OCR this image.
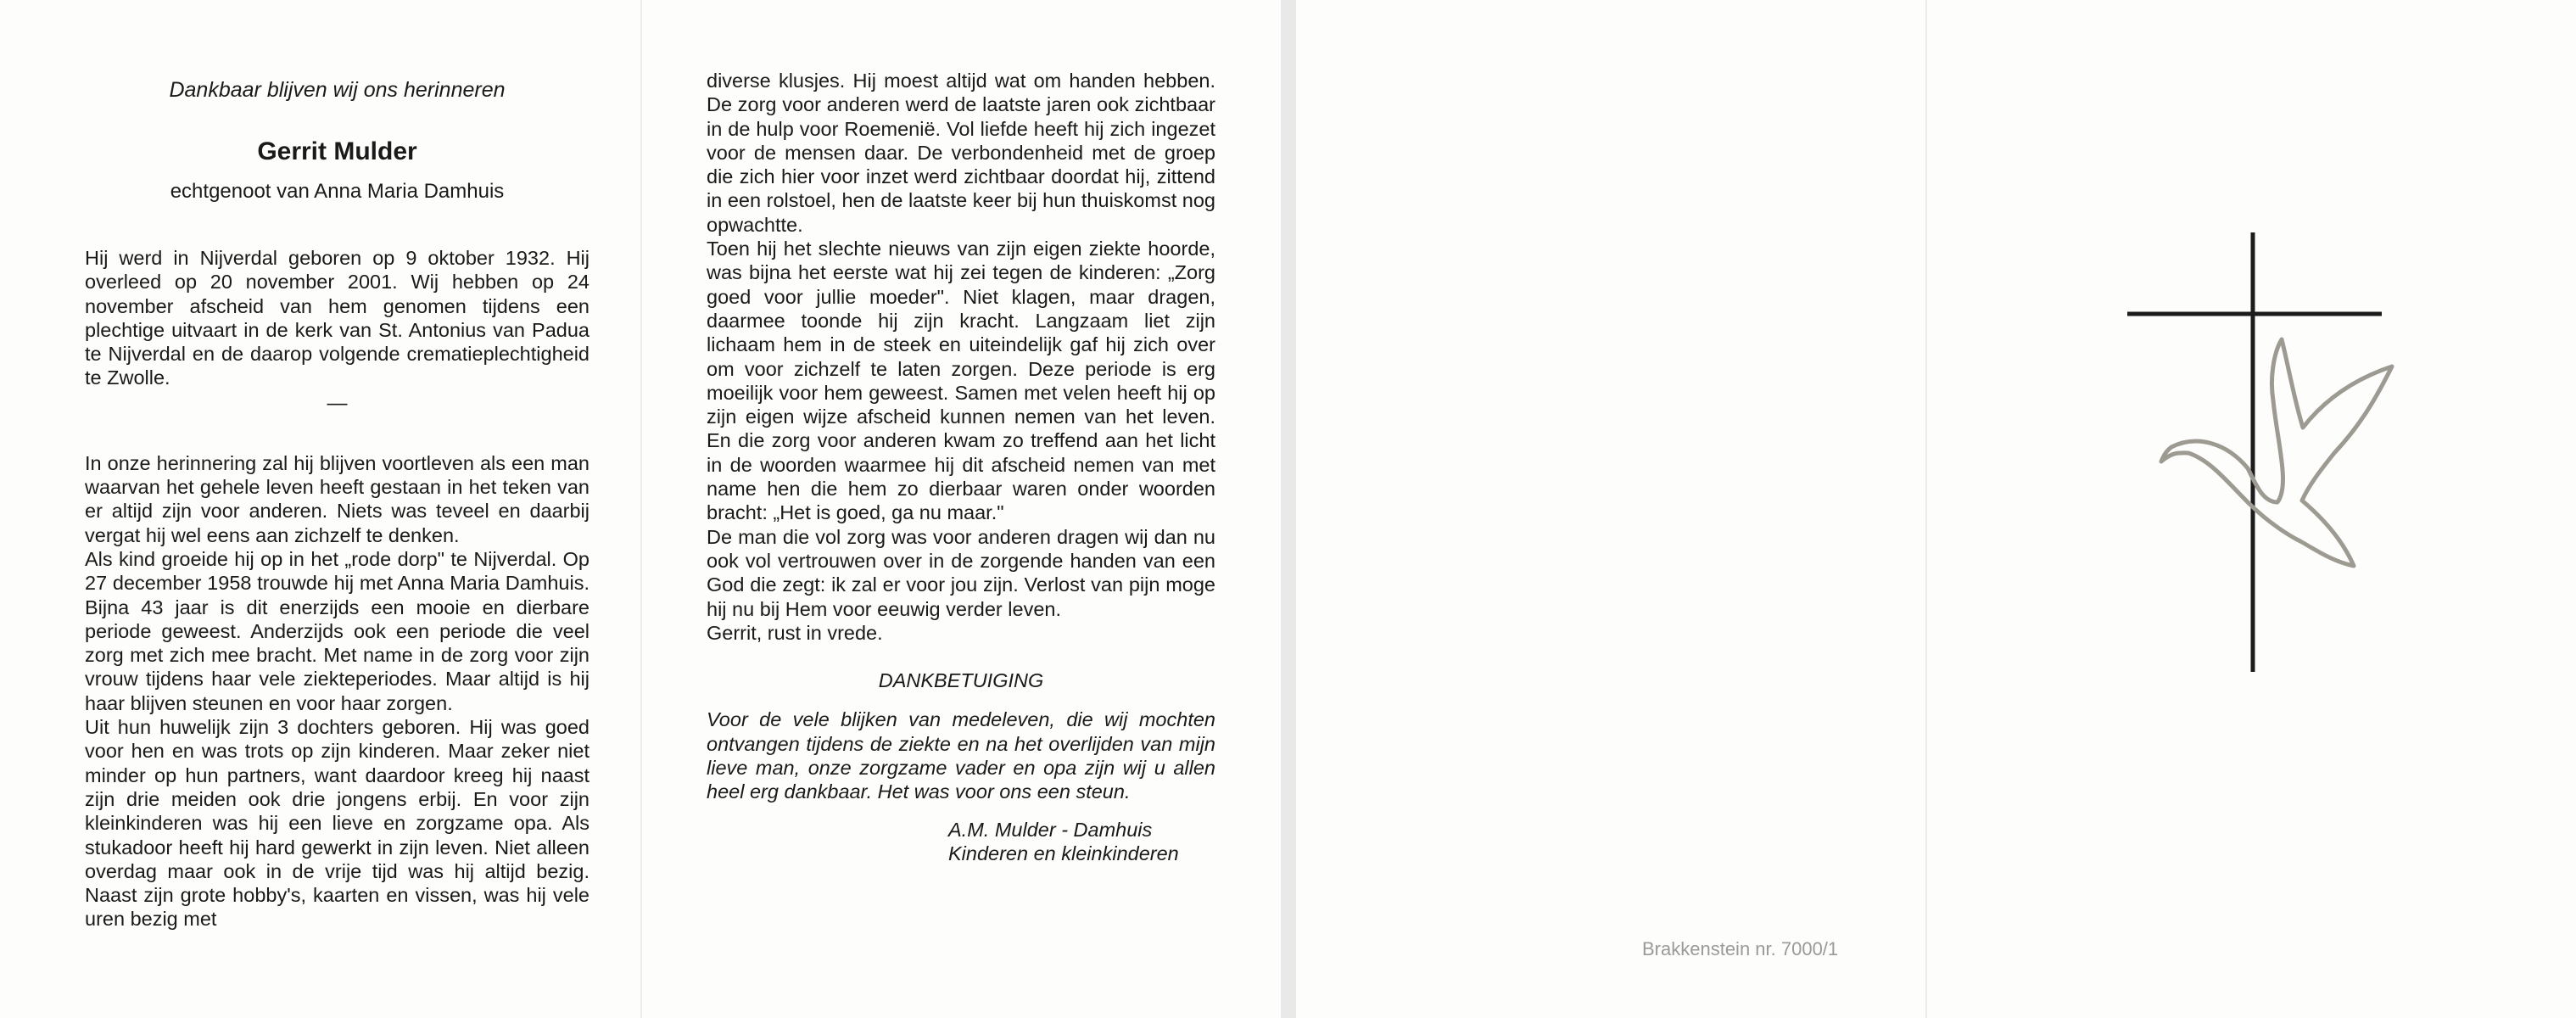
Dankbaar blijven wij ons herinneren
Gerrit Mulder
echtgenoot van Anna Maria Damhuis

Hij werd in Nijverdal geboren op 9 oktober 1932. Hij overleed op 20 november 2001. Wij hebben op 24 november afscheid van hem genomen tijdens een plechtige uitvaart in de kerk van St. Antonius van Padua te Nijverdal en de daarop volgende crematieplechtigheid te Zwolle.

In onze herinnering zal hij blijven voortleven als een man waarvan het gehele leven heeft gestaan in het teken van er altijd zijn voor anderen. Niets was teveel en daarbij vergat hij wel eens aan zichzelf te denken.

Als kind groeide hij op in het „rode dorp" te Nijverdal. Op 27 december 1958 trouwde hij met Anna Maria Damhuis. Bijna 43 jaar is dit enerzijds een mooie en dierbare periode geweest. Anderzijds ook een periode die veel zorg met zich mee bracht. Met name in de zorg voor zijn vrouw tijdens haar vele ziekteperiodes. Maar altijd is hij haar blijven steunen en voor haar zorgen.

Uit hun huwelijk zijn 3 dochters geboren. Hij was goed voor hen en was trots op zijn kinderen. Maar zeker niet minder op hun partners, want daardoor kreeg hij naast zijn drie meiden ook drie jongens erbij. En voor zijn kleinkinderen was hij een lieve en zorgzame opa. Als stukadoor heeft hij hard gewerkt in zijn leven. Niet alleen overdag maar ook in de vrije tijd was hij altijd bezig. Naast zijn grote hobby's, kaarten en vissen, was hij vele uren bezig met

—

diverse klusjes. Hij moest altijd wat om handen hebben. De zorg voor anderen werd de laatste jaren ook zichtbaar in de hulp voor Roemenië. Vol liefde heeft hij zich ingezet voor de mensen daar. De verbondenheid met de groep die zich hier voor inzet werd zichtbaar doordat hij, zittend in een rolstoel, hen de laatste keer bij hun thuiskomst nog opwachtte.

Toen hij het slechte nieuws van zijn eigen ziekte hoorde, was bijna het eerste wat hij zei tegen de kinderen: „Zorg goed voor jullie moeder". Niet klagen, maar dragen, daarmee toonde hij zijn kracht. Langzaam liet zijn lichaam hem in de steek en uiteindelijk gaf hij zich over om voor zichzelf te laten zorgen. Deze periode is erg moeilijk voor hem geweest. Samen met velen heeft hij op zijn eigen wijze afscheid kunnen nemen van het leven. En die zorg voor anderen kwam zo treffend aan het licht in de woorden waarmee hij dit afscheid nemen van met name hen die hem zo dierbaar waren onder woorden bracht: „Het is goed, ga nu maar."

De man die vol zorg was voor anderen dragen wij dan nu ook vol vertrouwen over in de zorgende handen van een God die zegt: ik zal er voor jou zijn. Verlost van pijn moge hij nu bij Hem voor eeuwig verder leven.

Gerrit, rust in vrede.

DANKBETUIGING

Voor de vele blijken van medeleven, die wij mochten ontvangen tijdens de ziekte en na het overlijden van mijn lieve man, onze zorgzame vader en opa zijn wij u allen heel erg dankbaar. Het was voor ons een steun.

A.M. Mulder - Damhuis
Kinderen en kleinkinderen

Brakkenstein nr. 7000/1
